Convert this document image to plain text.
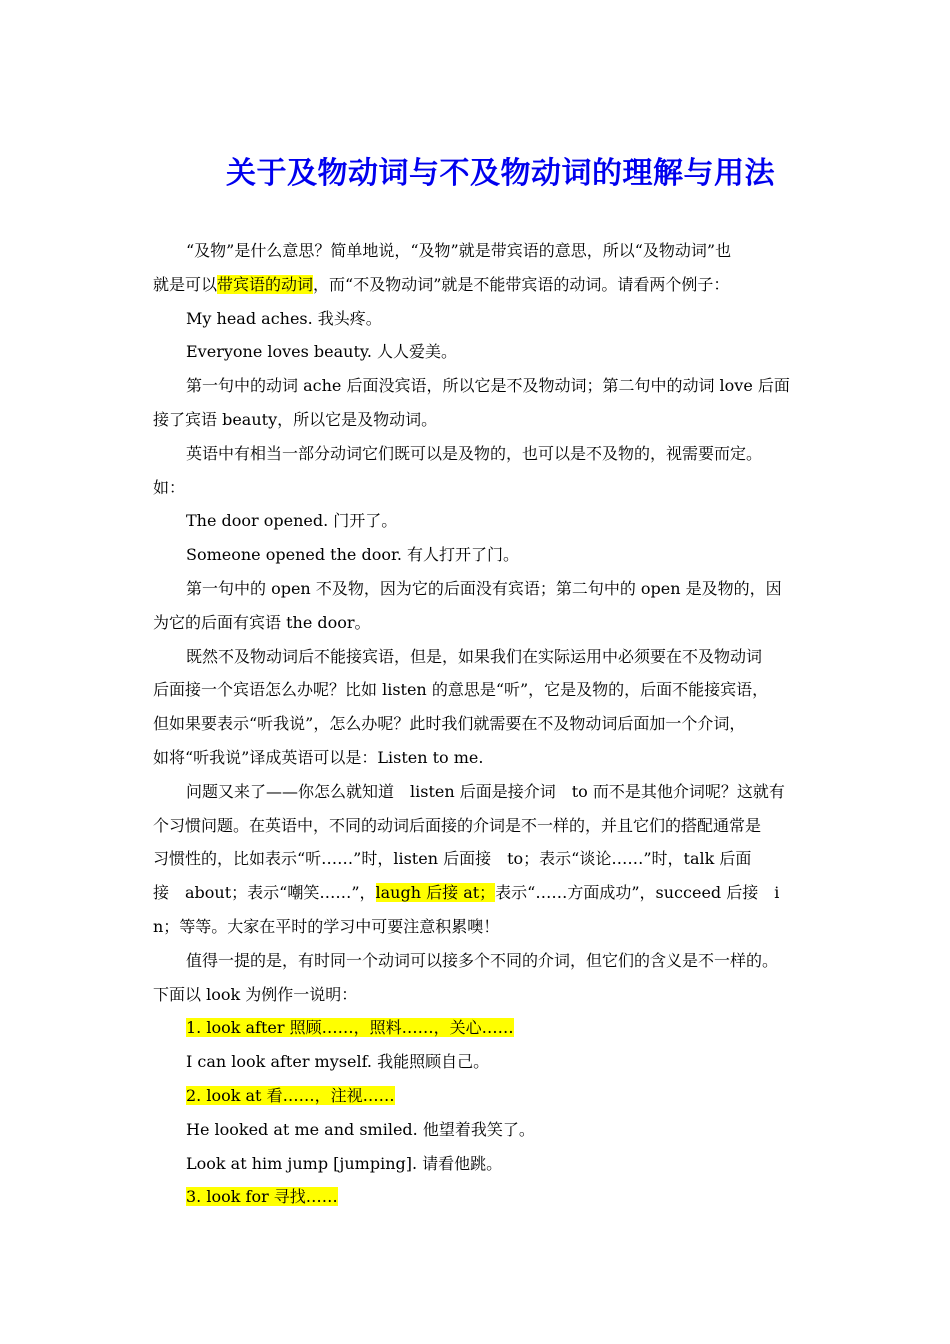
关于及物动词与不及物动词的理解与用法
“及物”是什么意思？简单地说，“及物”就是带宾语的意思，所以“及物动词”也
就是可以带宾语的动词，而“不及物动词”就是不能带宾语的动词。请看两个例子：
My head aches. 我头疼。
Everyone loves beauty. 人人爱美。
第一句中的动词 ache 后面没宾语，所以它是不及物动词；第二句中的动词 love 后面
接了宾语 beauty，所以它是及物动词。
英语中有相当一部分动词它们既可以是及物的，也可以是不及物的，视需要而定。
如：
The door opened. 门开了。
Someone opened the door. 有人打开了门。
第一句中的 open 不及物，因为它的后面没有宾语；第二句中的 open 是及物的，因
为它的后面有宾语 the door。
既然不及物动词后不能接宾语，但是，如果我们在实际运用中必须要在不及物动词
后面接一个宾语怎么办呢？比如 listen 的意思是“听”，它是及物的，后面不能接宾语，
但如果要表示“听我说”，怎么办呢？此时我们就需要在不及物动词后面加一个介词，
如将“听我说”译成英语可以是：Listen to me.
问题又来了——你怎么就知道　listen 后面是接介词　to 而不是其他介词呢？这就有
个习惯问题。在英语中，不同的动词后面接的介词是不一样的，并且它们的搭配通常是
习惯性的，比如表示“听……”时，listen 后面接　to；表示“谈论……”时，talk 后面
接　about；表示“嘲笑……”，laugh 后接 at；表示“……方面成功”，succeed 后接　i
n；等等。大家在平时的学习中可要注意积累噢！
值得一提的是，有时同一个动词可以接多个不同的介词，但它们的含义是不一样的。
下面以 look 为例作一说明：
1. look after 照顾……，照料……，关心……
I can look after myself. 我能照顾自己。
2. look at 看……，注视……
He looked at me and smiled. 他望着我笑了。
Look at him jump [jumping]. 请看他跳。
3. look for 寻找……
